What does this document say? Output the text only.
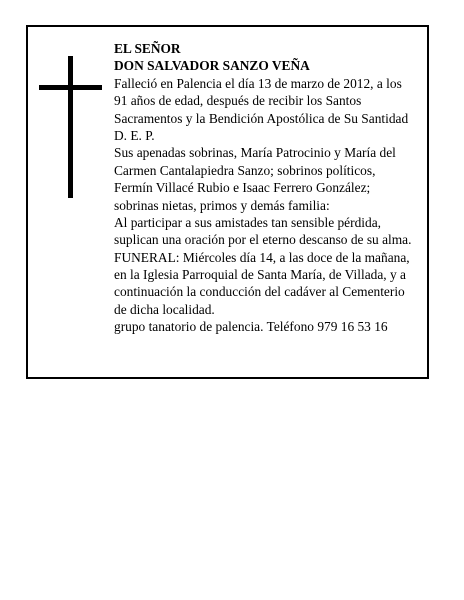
EL SEÑOR
DON SALVADOR SANZO VEÑA
Falleció en Palencia el día 13 de marzo de 2012, a los
91 años de edad, después de recibir los Santos
Sacramentos y la Bendición Apostólica de Su Santidad
D. E. P.
Sus apenadas sobrinas, María Patrocinio y María del
Carmen Cantalapiedra Sanzo; sobrinos políticos,
Fermín Villacé Rubio e Isaac Ferrero González;
sobrinas nietas, primos y demás familia:
Al participar a sus amistades tan sensible pérdida,
suplican una oración por el eterno descanso de su alma.
FUNERAL: Miércoles día 14, a las doce de la mañana,
en la Iglesia Parroquial de Santa María, de Villada, y a
continuación la conducción del cadáver al Cementerio
de dicha localidad.
grupo tanatorio de palencia. Teléfono 979 16 53 16
